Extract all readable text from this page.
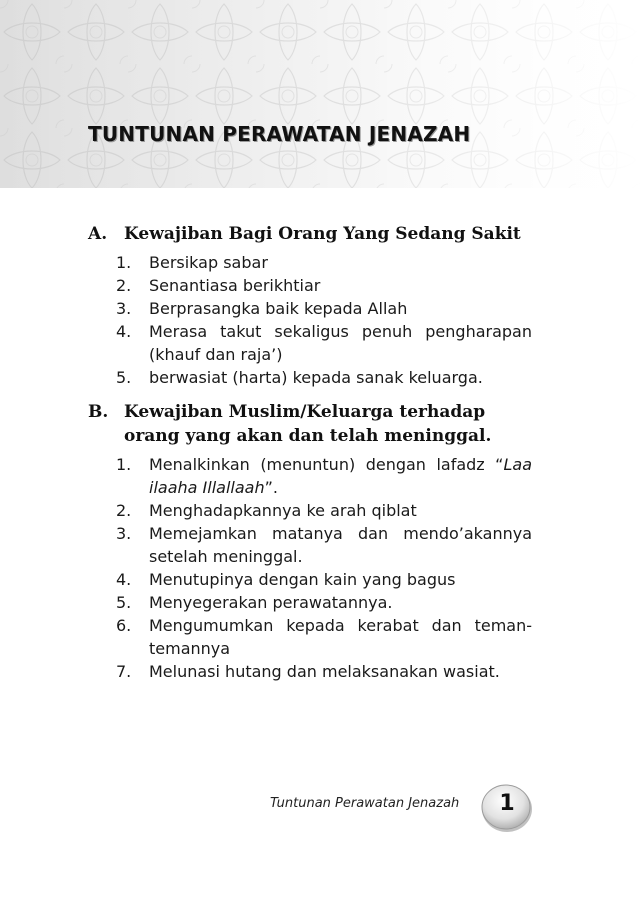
TUNTUNAN PERAWATAN JENAZAH
A. Kewajiban Bagi Orang Yang Sedang Sakit
1. Bersikap sabar
2. Senantiasa berikhtiar
3. Berprasangka baik kepada Allah
4. Merasa takut sekaligus penuh pengharapan (khauf dan raja’)
5. berwasiat (harta) kepada sanak keluarga.
B. Kewajiban Muslim/Keluarga terhadap orang yang akan dan telah meninggal.
1. Menalkinkan (menuntun) dengan lafadz “Laa ilaaha Illallaah”.
2. Menghadapkannya ke arah qiblat
3. Memejamkan matanya dan mendo’akannya setelah meninggal.
4. Menutupinya dengan kain yang bagus
5. Menyegerakan perawatannya.
6. Mengumumkan kepada kerabat dan teman-temannya
7. Melunasi hutang dan melaksanakan wasiat.
Tuntunan Perawatan Jenazah	1
